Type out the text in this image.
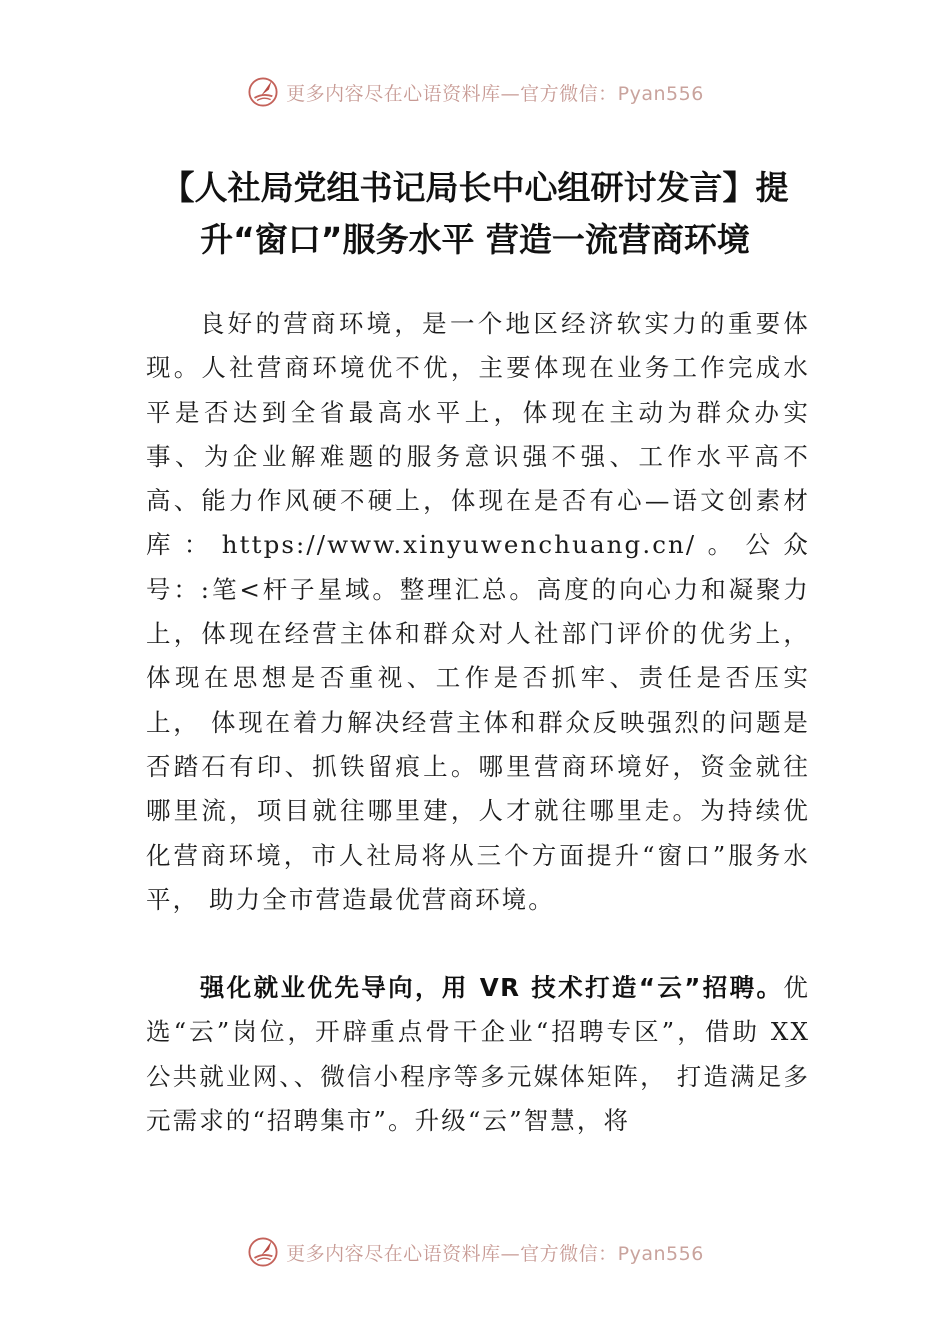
更多内容尽在心语资料库—官方微信：Pyan556
【人社局党组书记局长中心组研讨发言】提升“窗口”服务水平 营造一流营商环境

良好的营商环境，是一个地区经济软实力的重要体现。人社营商环境优不优，主要体现在业务工作完成水平是否达到全省最高水平上，体现在主动为群众办实事、为企业解难题的服务意识强不强、工作水平高不高、能力作风硬不硬上，体现在是否有心—语文创素材库：https://www.xinyuwenchuang.cn/。公众号：:笔<杆子星域。整理汇总。高度的向心力和凝聚力上，体现在经营主体和群众对人社部门评价的优劣上， 体现在思想是否重视、工作是否抓牢、责任是否压实上， 体现在着力解决经营主体和群众反映强烈的问题是否踏石有印、抓铁留痕上。哪里营商环境好，资金就往哪里流，项目就往哪里建，人才就往哪里走。为持续优化营商环境，市人社局将从三个方面提升“窗口”服务水平， 助力全市营造最优营商环境。

强化就业优先导向，用 VR 技术打造“云”招聘。优选“云”岗位，开辟重点骨干企业“招聘专区”，借助 XX 公共就业网、、微信小程序等多元媒体矩阵， 打造满足多元需求的“招聘集市”。升级“云”智慧，将

更多内容尽在心语资料库—官方微信：Pyan556
